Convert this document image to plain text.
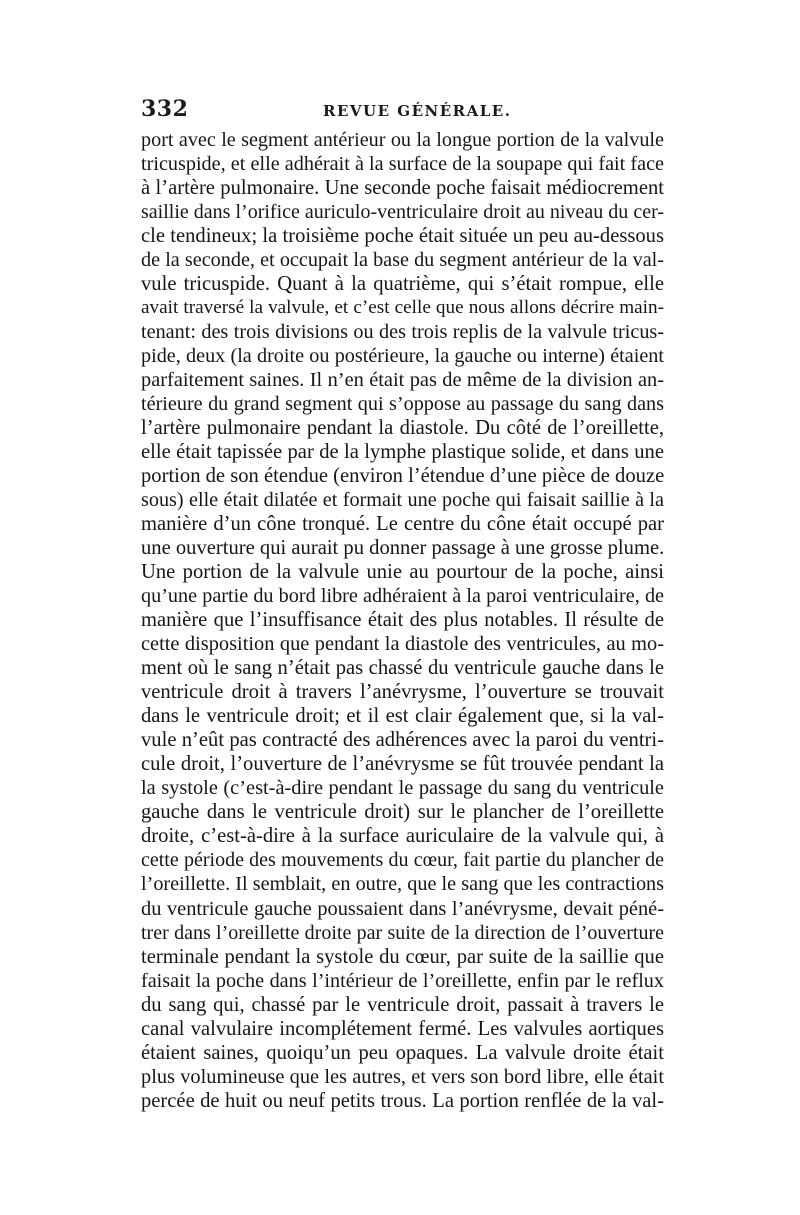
332	REVUE GÉNÉRALE.
port avec le segment antérieur ou la longue portion de la valvule
tricuspide, et elle adhérait à la surface de la soupape qui fait face
à l’artère pulmonaire. Une seconde poche faisait médiocrement
saillie dans l’orifice auriculo-ventriculaire droit au niveau du cer-
cle tendineux; la troisième poche était située un peu au-dessous
de la seconde, et occupait la base du segment antérieur de la val-
vule tricuspide. Quant à la quatrième, qui s’était rompue, elle
avait traversé la valvule, et c’est celle que nous allons décrire main-
tenant: des trois divisions ou des trois replis de la valvule tricus-
pide, deux (la droite ou postérieure, la gauche ou interne) étaient
parfaitement saines. Il n’en était pas de même de la division an-
térieure du grand segment qui s’oppose au passage du sang dans
l’artère pulmonaire pendant la diastole. Du côté de l’oreillette,
elle était tapissée par de la lymphe plastique solide, et dans une
portion de son étendue (environ l’étendue d’une pièce de douze
sous) elle était dilatée et formait une poche qui faisait saillie à la
manière d’un cône tronqué. Le centre du cône était occupé par
une ouverture qui aurait pu donner passage à une grosse plume.
Une portion de la valvule unie au pourtour de la poche, ainsi
qu’une partie du bord libre adhéraient à la paroi ventriculaire, de
manière que l’insuffisance était des plus notables. Il résulte de
cette disposition que pendant la diastole des ventricules, au mo-
ment où le sang n’était pas chassé du ventricule gauche dans le
ventricule droit à travers l’anévrysme, l’ouverture se trouvait
dans le ventricule droit; et il est clair également que, si la val-
vule n’eût pas contracté des adhérences avec la paroi du ventri-
cule droit, l’ouverture de l’anévrysme se fût trouvée pendant la
la systole (c’est-à-dire pendant le passage du sang du ventricule
gauche dans le ventricule droit) sur le plancher de l’oreillette
droite, c’est-à-dire à la surface auriculaire de la valvule qui, à
cette période des mouvements du cœur, fait partie du plancher de
l’oreillette. Il semblait, en outre, que le sang que les contractions
du ventricule gauche poussaient dans l’anévrysme, devait péné-
trer dans l’oreillette droite par suite de la direction de l’ouverture
terminale pendant la systole du cœur, par suite de la saillie que
faisait la poche dans l’intérieur de l’oreillette, enfin par le reflux
du sang qui, chassé par le ventricule droit, passait à travers le
canal valvulaire incomplétement fermé. Les valvules aortiques
étaient saines, quoiqu’un peu opaques. La valvule droite était
plus volumineuse que les autres, et vers son bord libre, elle était
percée de huit ou neuf petits trous. La portion renflée de la val-
